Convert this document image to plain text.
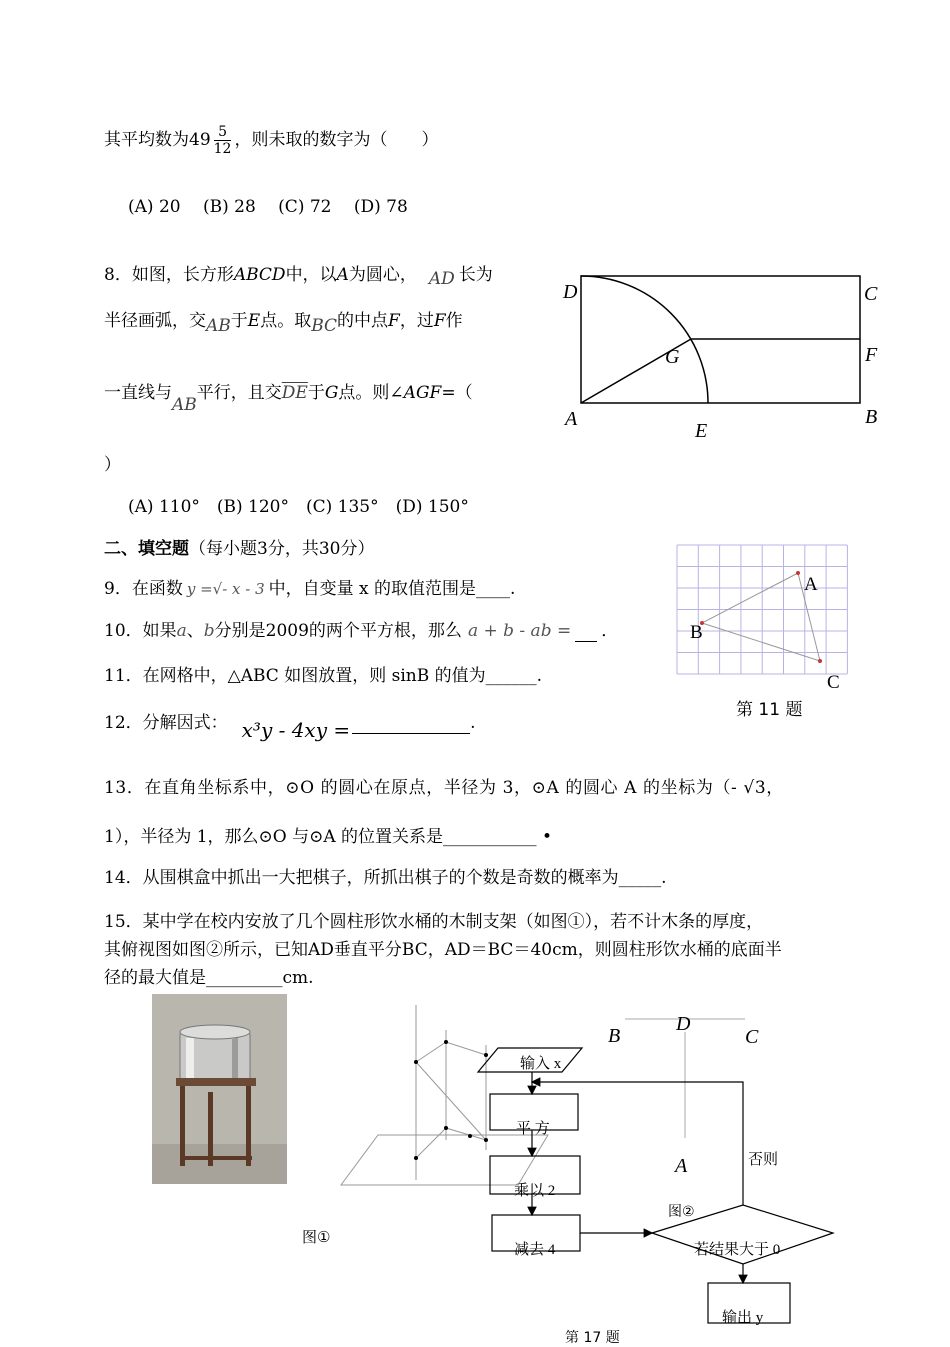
其平均数为$49 \frac{5}{12}$ ，则未取的数字为（　　）
(A) 20　 (B) 28　 (C) 72　 (D) 78
8．如图，长方形ABCD中，以A为圆心， AD 长为
半径画弧，交AB于E点。取BC的中点F，过F作
一直线与AB平行，且交$\overline{DE}$于G点。则∠AGF=（
）
(A) 110°　(B) 120°　(C) 135°　(D) 150°
D	C
F
G
A	B
E
二、填空题（每小题3分，共30分）
9．在函数 y =√- x - 3 中，自变量 x 的取值范围是____.
10．如果a、b分别是2009的两个平方根，那么 a + b - ab = ．
11．在网格中，△ABC 如图放置，则 sinB 的值为______.
A
B
C
第 11 题
12．分解因式： x³y - 4xy =	.
13．在直角坐标系中，⊙O 的圆心在原点，半径为 3，⊙A 的圆心 A 的坐标为（- √3，
1），半径为 1，那么⊙O 与⊙A 的位置关系是___________ •
14．从围棋盒中抓出一大把棋子，所抓出棋子的个数是奇数的概率为_____.
15．某中学在校内安放了几个圆柱形饮水桶的木制支架（如图①），若不计木条的厚度，
其俯视图如图②所示，已知AD垂直平分BC，AD＝BC＝40cm，则圆柱形饮水桶的底面半
径的最大值是_________cm.
图①
B
D
C
A
图②
输入 x
平 方
乘以 2
减去 4	若结果大于 0
否则
输出 y
第 17 题
